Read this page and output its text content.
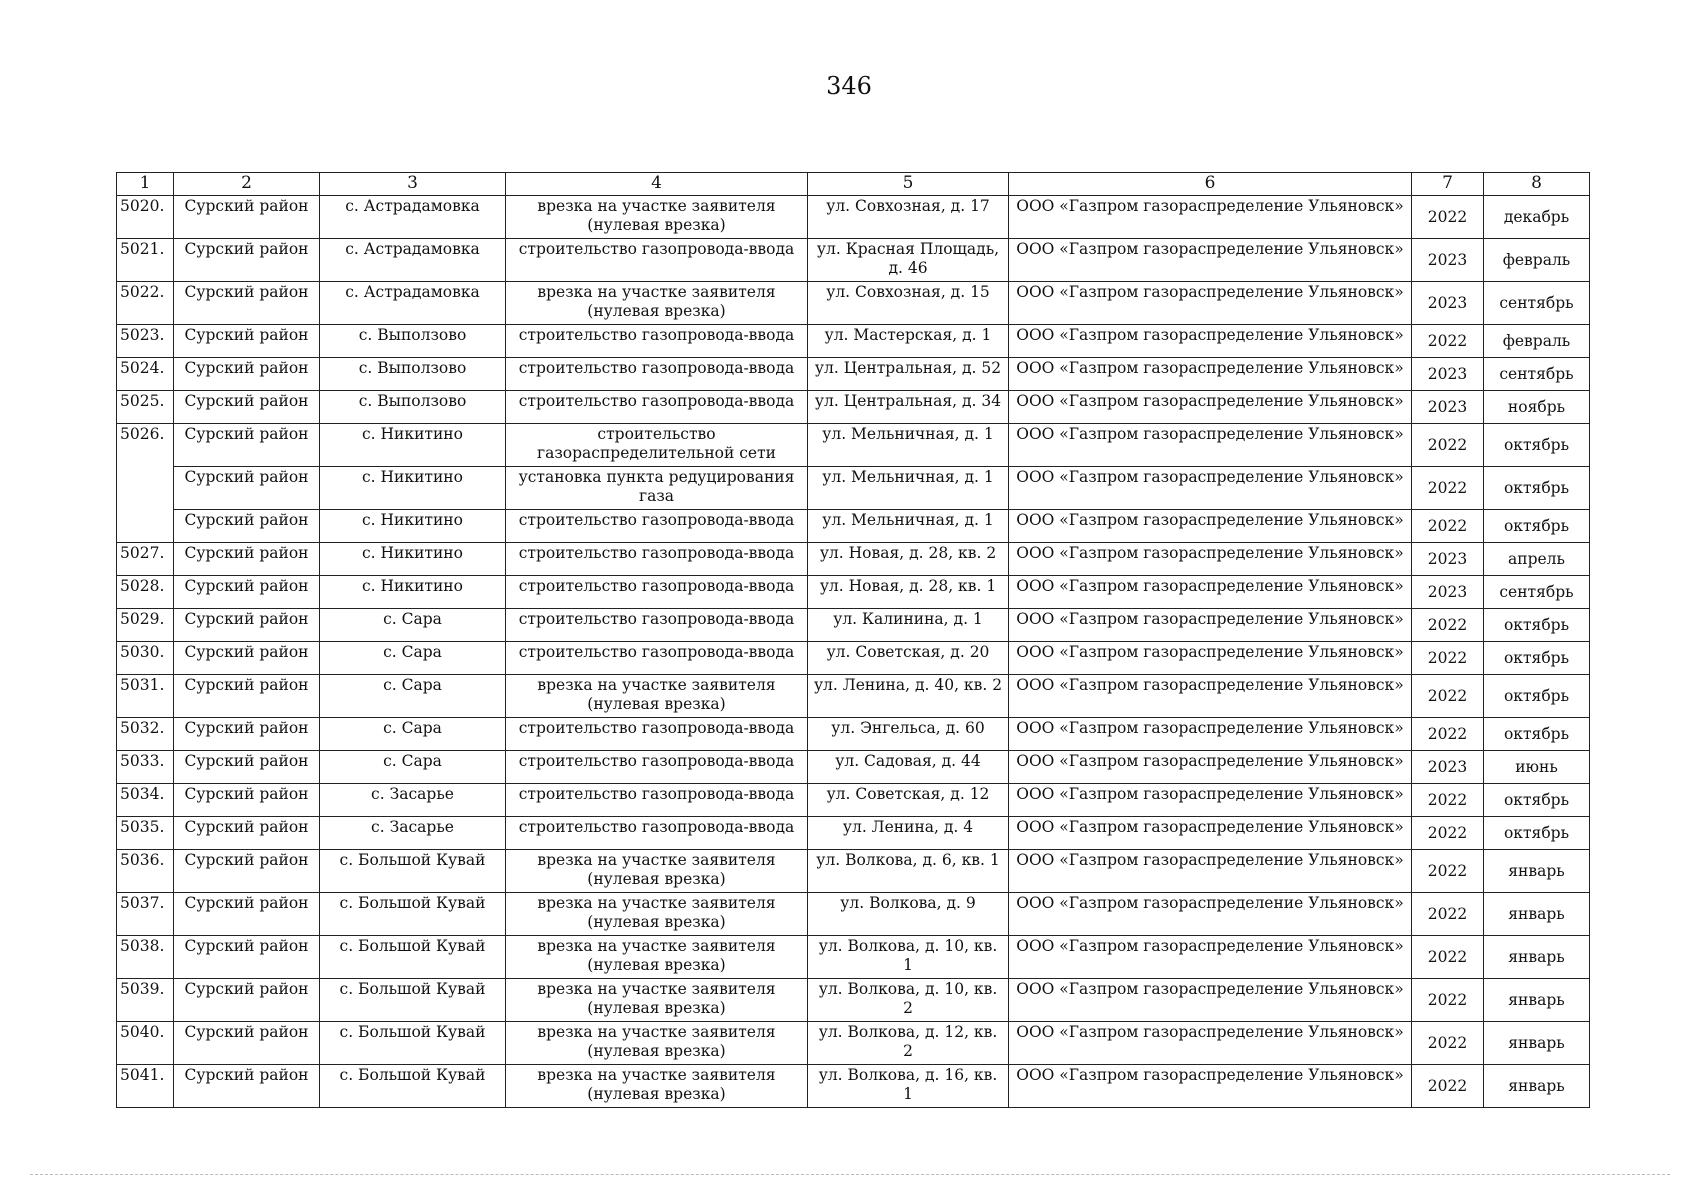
346
1	2	3	4	5	6	7	8
5020.	Сурский район	с. Астрадамовка	врезка на участке заявителя (нулевая врезка)	ул. Совхозная, д. 17	ООО «Газпром газораспределение Ульяновск»	2022	декабрь
5021.	Сурский район	с. Астрадамовка	строительство газопровода-ввода	ул. Красная Площадь, д. 46	ООО «Газпром газораспределение Ульяновск»	2023	февраль
5022.	Сурский район	с. Астрадамовка	врезка на участке заявителя (нулевая врезка)	ул. Совхозная, д. 15	ООО «Газпром газораспределение Ульяновск»	2023	сентябрь
5023.	Сурский район	с. Выползово	строительство газопровода-ввода	ул. Мастерская, д. 1	ООО «Газпром газораспределение Ульяновск»	2022	февраль
5024.	Сурский район	с. Выползово	строительство газопровода-ввода	ул. Центральная, д. 52	ООО «Газпром газораспределение Ульяновск»	2023	сентябрь
5025.	Сурский район	с. Выползово	строительство газопровода-ввода	ул. Центральная, д. 34	ООО «Газпром газораспределение Ульяновск»	2023	ноябрь
5026.	Сурский район	с. Никитино	строительство газораспределительной сети	ул. Мельничная, д. 1	ООО «Газпром газораспределение Ульяновск»	2022	октябрь
	Сурский район	с. Никитино	установка пункта редуцирования газа	ул. Мельничная, д. 1	ООО «Газпром газораспределение Ульяновск»	2022	октябрь
	Сурский район	с. Никитино	строительство газопровода-ввода	ул. Мельничная, д. 1	ООО «Газпром газораспределение Ульяновск»	2022	октябрь
5027.	Сурский район	с. Никитино	строительство газопровода-ввода	ул. Новая, д. 28, кв. 2	ООО «Газпром газораспределение Ульяновск»	2023	апрель
5028.	Сурский район	с. Никитино	строительство газопровода-ввода	ул. Новая, д. 28, кв. 1	ООО «Газпром газораспределение Ульяновск»	2023	сентябрь
5029.	Сурский район	с. Сара	строительство газопровода-ввода	ул. Калинина, д. 1	ООО «Газпром газораспределение Ульяновск»	2022	октябрь
5030.	Сурский район	с. Сара	строительство газопровода-ввода	ул. Советская, д. 20	ООО «Газпром газораспределение Ульяновск»	2022	октябрь
5031.	Сурский район	с. Сара	врезка на участке заявителя (нулевая врезка)	ул. Ленина, д. 40, кв. 2	ООО «Газпром газораспределение Ульяновск»	2022	октябрь
5032.	Сурский район	с. Сара	строительство газопровода-ввода	ул. Энгельса, д. 60	ООО «Газпром газораспределение Ульяновск»	2022	октябрь
5033.	Сурский район	с. Сара	строительство газопровода-ввода	ул. Садовая, д. 44	ООО «Газпром газораспределение Ульяновск»	2023	июнь
5034.	Сурский район	с. Засарье	строительство газопровода-ввода	ул. Советская, д. 12	ООО «Газпром газораспределение Ульяновск»	2022	октябрь
5035.	Сурский район	с. Засарье	строительство газопровода-ввода	ул. Ленина, д. 4	ООО «Газпром газораспределение Ульяновск»	2022	октябрь
5036.	Сурский район	с. Большой Кувай	врезка на участке заявителя (нулевая врезка)	ул. Волкова, д. 6, кв. 1	ООО «Газпром газораспределение Ульяновск»	2022	январь
5037.	Сурский район	с. Большой Кувай	врезка на участке заявителя (нулевая врезка)	ул. Волкова, д. 9	ООО «Газпром газораспределение Ульяновск»	2022	январь
5038.	Сурский район	с. Большой Кувай	врезка на участке заявителя (нулевая врезка)	ул. Волкова, д. 10, кв. 1	ООО «Газпром газораспределение Ульяновск»	2022	январь
5039.	Сурский район	с. Большой Кувай	врезка на участке заявителя (нулевая врезка)	ул. Волкова, д. 10, кв. 2	ООО «Газпром газораспределение Ульяновск»	2022	январь
5040.	Сурский район	с. Большой Кувай	врезка на участке заявителя (нулевая врезка)	ул. Волкова, д. 12, кв. 2	ООО «Газпром газораспределение Ульяновск»	2022	январь
5041.	Сурский район	с. Большой Кувай	врезка на участке заявителя (нулевая врезка)	ул. Волкова, д. 16, кв. 1	ООО «Газпром газораспределение Ульяновск»	2022	январь
